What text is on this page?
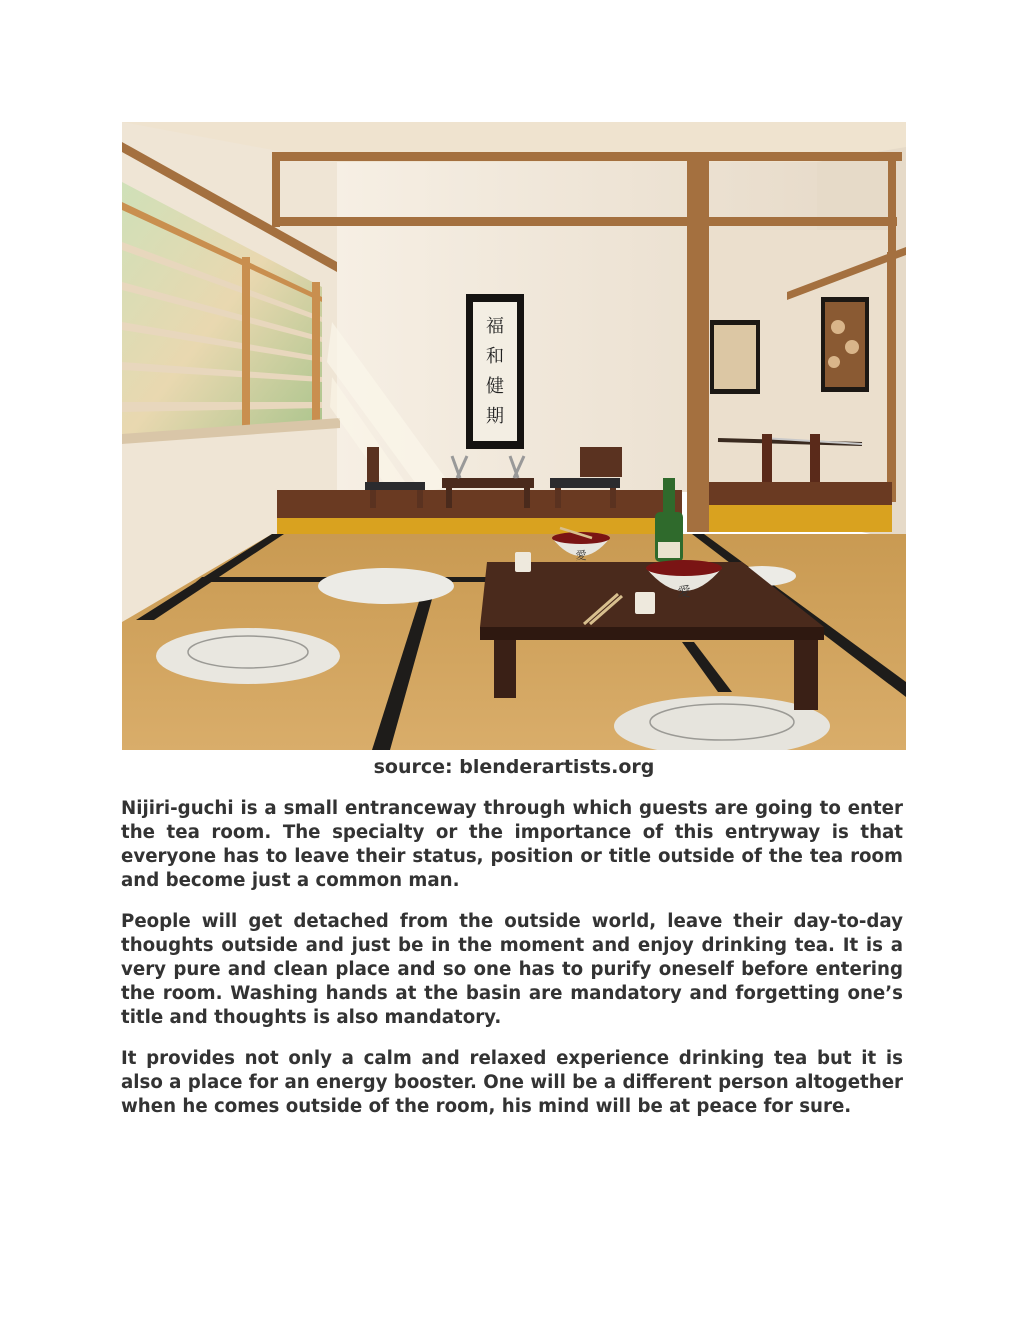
福
和
健
期
愛
愛
source: blenderartists.org

Nijiri-guchi is a small entranceway through which guests are going to enter the tea room. The specialty or the importance of this entryway is that everyone has to leave their status, position or title outside of the tea room and become just a common man.

People will get detached from the outside world, leave their day-to-day thoughts outside and just be in the moment and enjoy drinking tea. It is a very pure and clean place and so one has to purify oneself before entering the room. Washing hands at the basin are mandatory and forgetting one’s title and thoughts is also mandatory.

It provides not only a calm and relaxed experience drinking tea but it is also a place for an energy booster. One will be a different person altogether when he comes outside of the room, his mind will be at peace for sure.
